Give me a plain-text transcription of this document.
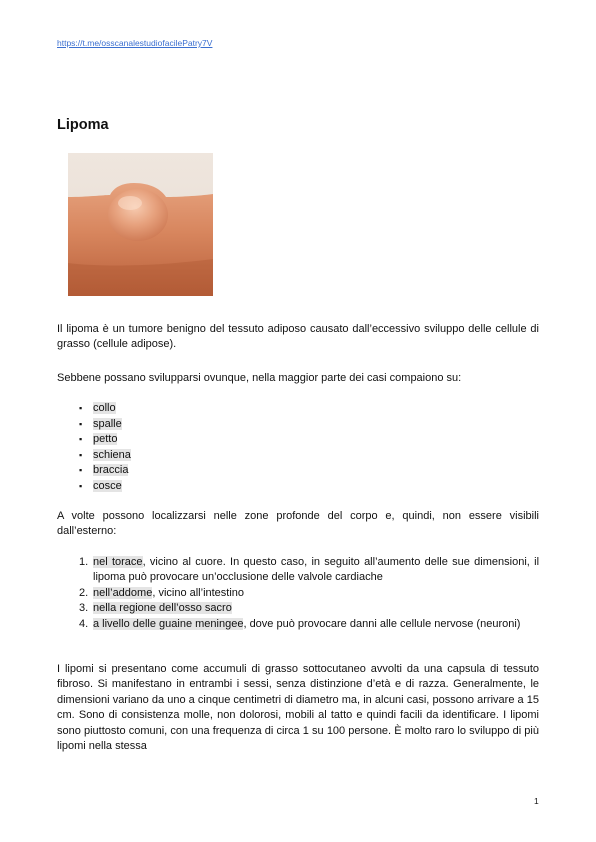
https://t.me/osscanalestudiofacilePatry7V
Lipoma

Il lipoma è un tumore benigno del tessuto adiposo causato dall’eccessivo sviluppo delle cellule di grasso (cellule adipose).

Sebbene possano svilupparsi ovunque, nella maggior parte dei casi compaiono su:

▪ collo
▪ spalle
▪ petto
▪ schiena
▪ braccia
▪ cosce

A volte possono localizzarsi nelle zone profonde del corpo e, quindi, non essere visibili dall’esterno:

1. nel torace, vicino al cuore. In questo caso, in seguito all’aumento delle sue dimensioni, il lipoma può provocare un’occlusione delle valvole cardiache
2. nell’addome, vicino all’intestino
3. nella regione dell’osso sacro
4. a livello delle guaine meningee, dove può provocare danni alle cellule nervose (neuroni)

I lipomi si presentano come accumuli di grasso sottocutaneo avvolti da una capsula di tessuto fibroso. Si manifestano in entrambi i sessi, senza distinzione d’età e di razza. Generalmente, le dimensioni variano da uno a cinque centimetri di diametro ma, in alcuni casi, possono arrivare a 15 cm. Sono di consistenza molle, non dolorosi, mobili al tatto e quindi facili da identificare. I lipomi sono piuttosto comuni, con una frequenza di circa 1 su 100 persone. È molto raro lo sviluppo di più lipomi nella stessa

1
